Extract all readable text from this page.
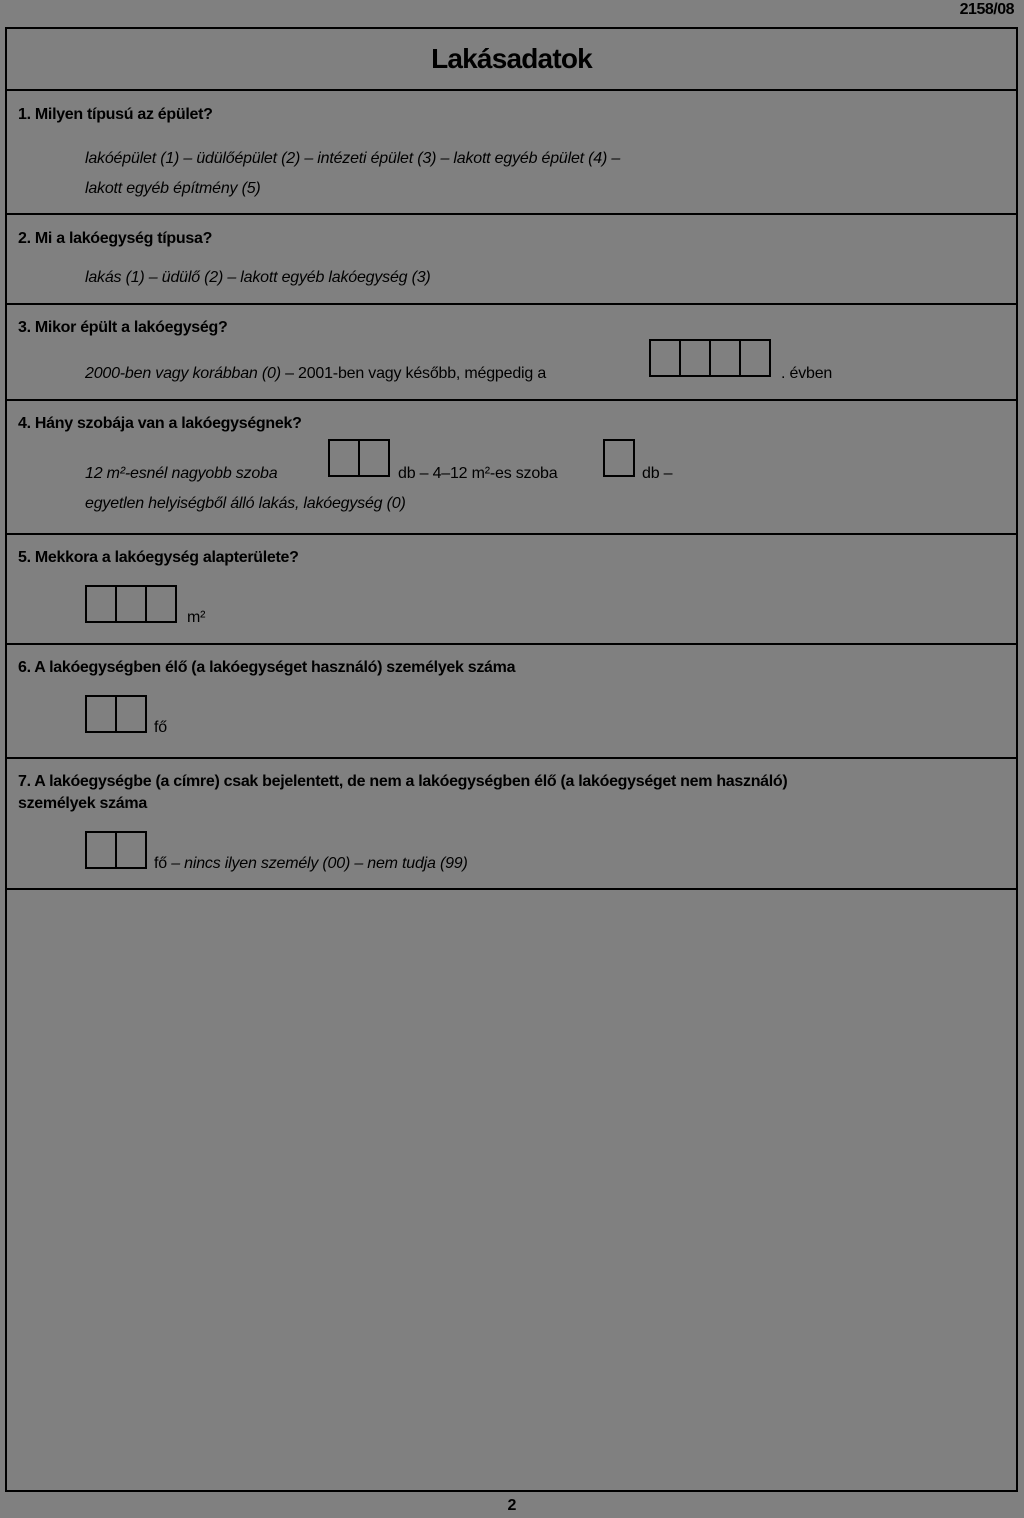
2158/08
Lakásadatok
1. Milyen típusú az épület?
lakóépület (1) – üdülőépület (2) – intézeti épület (3) – lakott egyéb épület (4) –
lakott egyéb építmény (5)
2. Mi a lakóegység típusa?
lakás (1) – üdülő (2) – lakott egyéb lakóegység (3)
3. Mikor épült a lakóegység?
2000-ben vagy korábban (0) – 2001-ben vagy később, mégpedig a	. évben
4. Hány szobája van a lakóegységnek?
12 m²-esnél nagyobb szoba	db – 4–12 m²-es szoba	db –
egyetlen helyiségből álló lakás, lakóegység (0)
5. Mekkora a lakóegység alapterülete?
m²
6. A lakóegységben élő (a lakóegységet használó) személyek száma
fő
7. A lakóegységbe (a címre) csak bejelentett, de nem a lakóegységben élő (a lakóegységet nem használó)
személyek száma
fő – nincs ilyen személy (00) – nem tudja (99)
2
